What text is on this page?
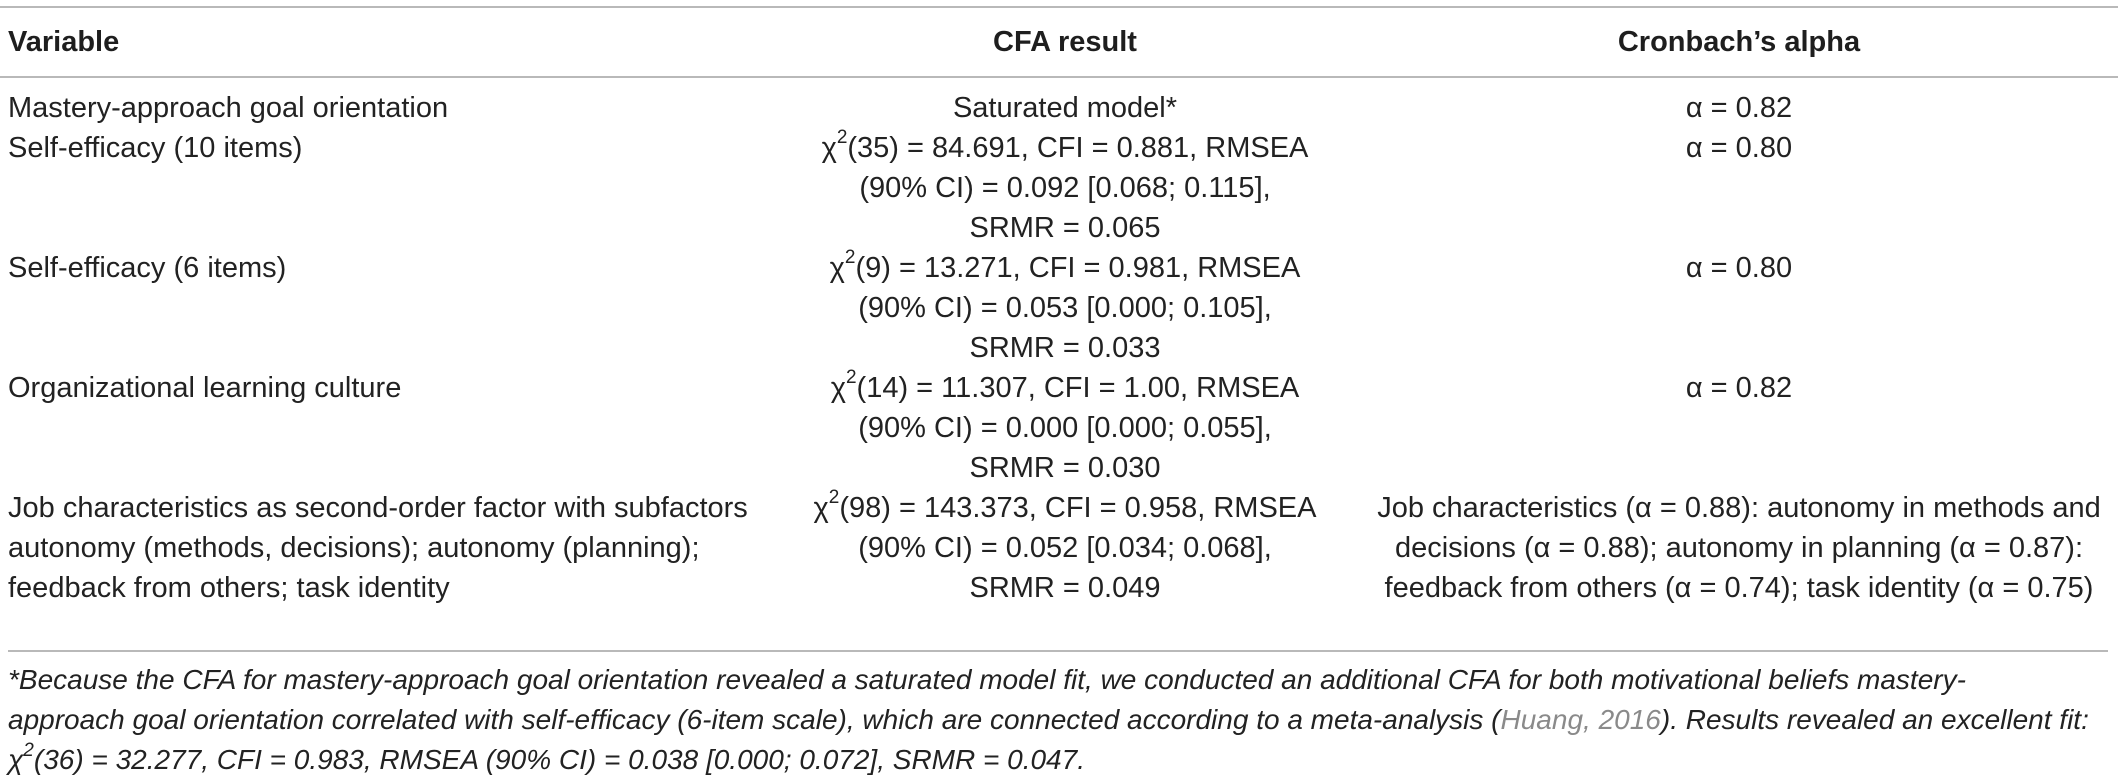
Variable	CFA result	Cronbach’s alpha

Mastery-approach goal orientation	Saturated model*	α = 0.82

Self-efficacy (10 items)	$\chi^2(35) = 84.691$, CFI = 0.881, RMSEA
(90% CI) = 0.092 [0.068; 0.115],
SRMR = 0.065	α = 0.80

Self-efficacy (6 items)	$\chi^2(9) = 13.271$, CFI = 0.981, RMSEA
(90% CI) = 0.053 [0.000; 0.105],
SRMR = 0.033	α = 0.80

Organizational learning culture	$\chi^2(14) = 11.307$, CFI = 1.00, RMSEA
(90% CI) = 0.000 [0.000; 0.055],
SRMR = 0.030	α = 0.82

Job characteristics as second-order factor with subfactors
autonomy (methods, decisions); autonomy (planning);
feedback from others; task identity	$\chi^2(98) = 143.373$, CFI = 0.958, RMSEA
(90% CI) = 0.052 [0.034; 0.068],
SRMR = 0.049	Job characteristics (α = 0.88): autonomy in methods and
decisions (α = 0.88); autonomy in planning (α = 0.87):
feedback from others (α = 0.74); task identity (α = 0.75)
*Because the CFA for mastery-approach goal orientation revealed a saturated model fit, we conducted an additional CFA for both motivational beliefs mastery-
approach goal orientation correlated with self-efficacy (6-item scale), which are connected according to a meta-analysis (Huang, 2016). Results revealed an excellent fit:
$\chi^2(36) = 32.277$, CFI = 0.983, RMSEA (90% CI) = 0.038 [0.000; 0.072], SRMR = 0.047.
